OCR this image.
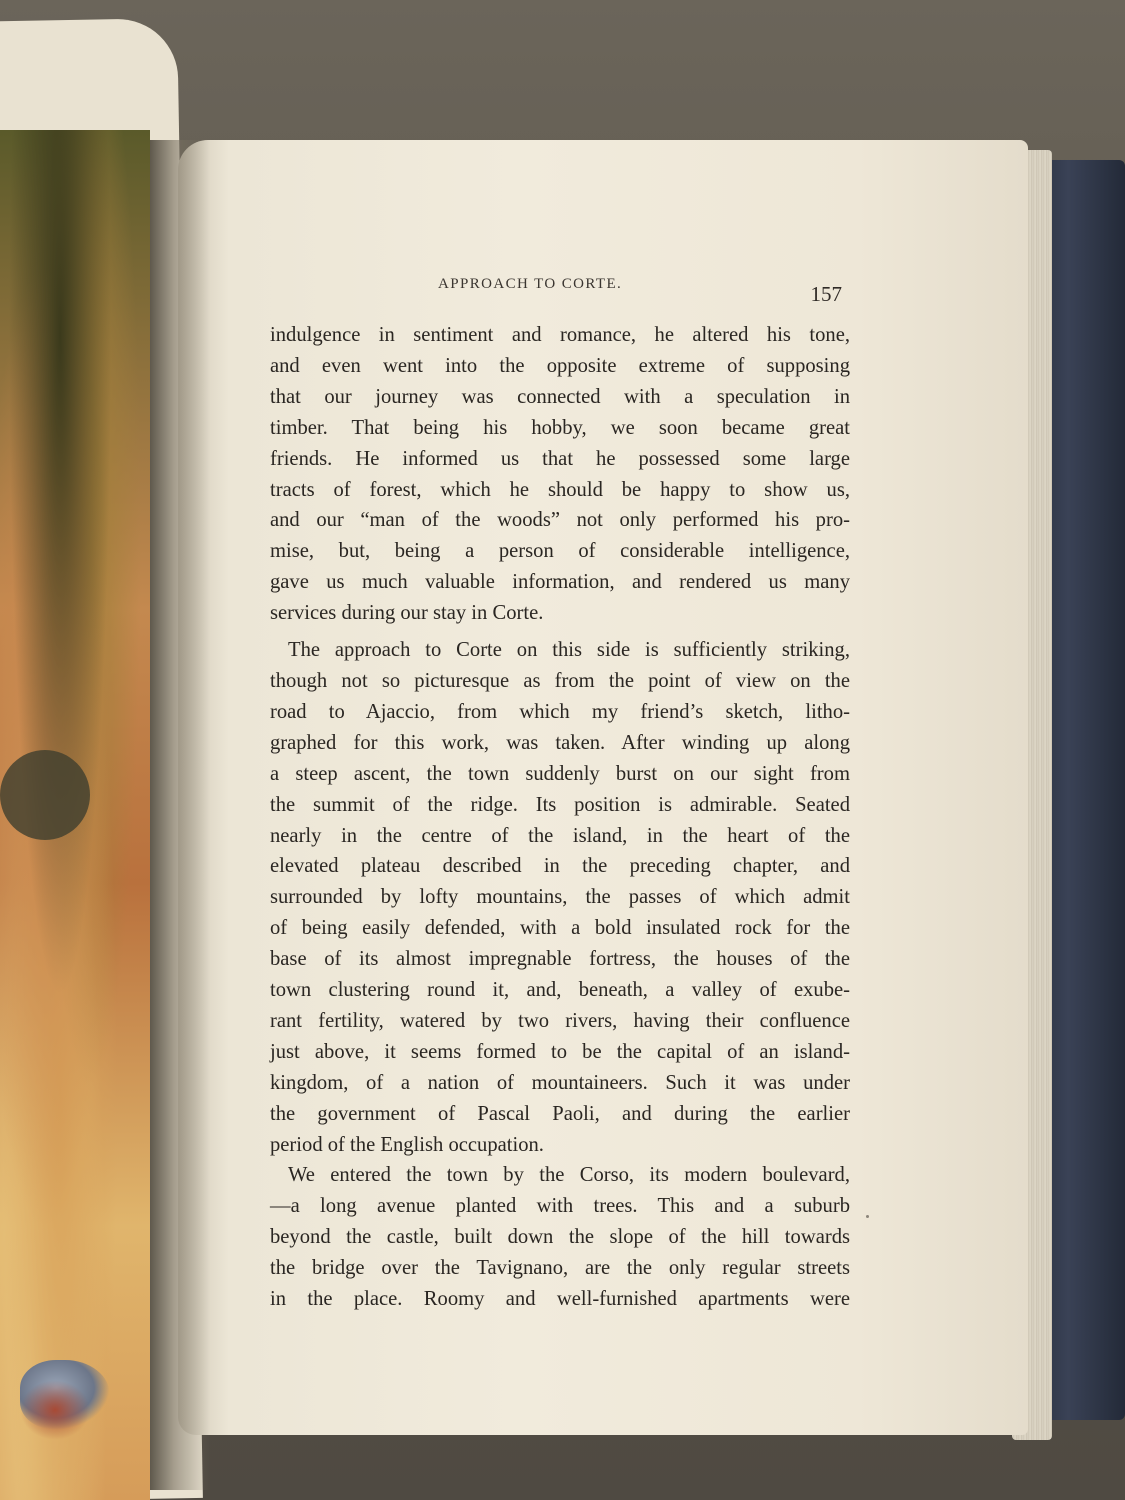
APPROACH TO CORTE.	157

indulgence in sentiment and romance, he altered his tone,
and even went into the opposite extreme of supposing
that our journey was connected with a speculation in
timber. That being his hobby, we soon became great
friends. He informed us that he possessed some large
tracts of forest, which he should be happy to show us,
and our “man of the woods” not only performed his pro-
mise, but, being a person of considerable intelligence,
gave us much valuable information, and rendered us many
services during our stay in Corte.

The approach to Corte on this side is sufficiently striking,
though not so picturesque as from the point of view on the
road to Ajaccio, from which my friend’s sketch, litho-
graphed for this work, was taken. After winding up along
a steep ascent, the town suddenly burst on our sight from
the summit of the ridge. Its position is admirable. Seated
nearly in the centre of the island, in the heart of the
elevated plateau described in the preceding chapter, and
surrounded by lofty mountains, the passes of which admit
of being easily defended, with a bold insulated rock for the
base of its almost impregnable fortress, the houses of the
town clustering round it, and, beneath, a valley of exube-
rant fertility, watered by two rivers, having their confluence
just above, it seems formed to be the capital of an island-
kingdom, of a nation of mountaineers. Such it was under
the government of Pascal Paoli, and during the earlier
period of the English occupation.

We entered the town by the Corso, its modern boulevard,
—a long avenue planted with trees. This and a suburb
beyond the castle, built down the slope of the hill towards
the bridge over the Tavignano, are the only regular streets
in the place. Roomy and well-furnished apartments were
